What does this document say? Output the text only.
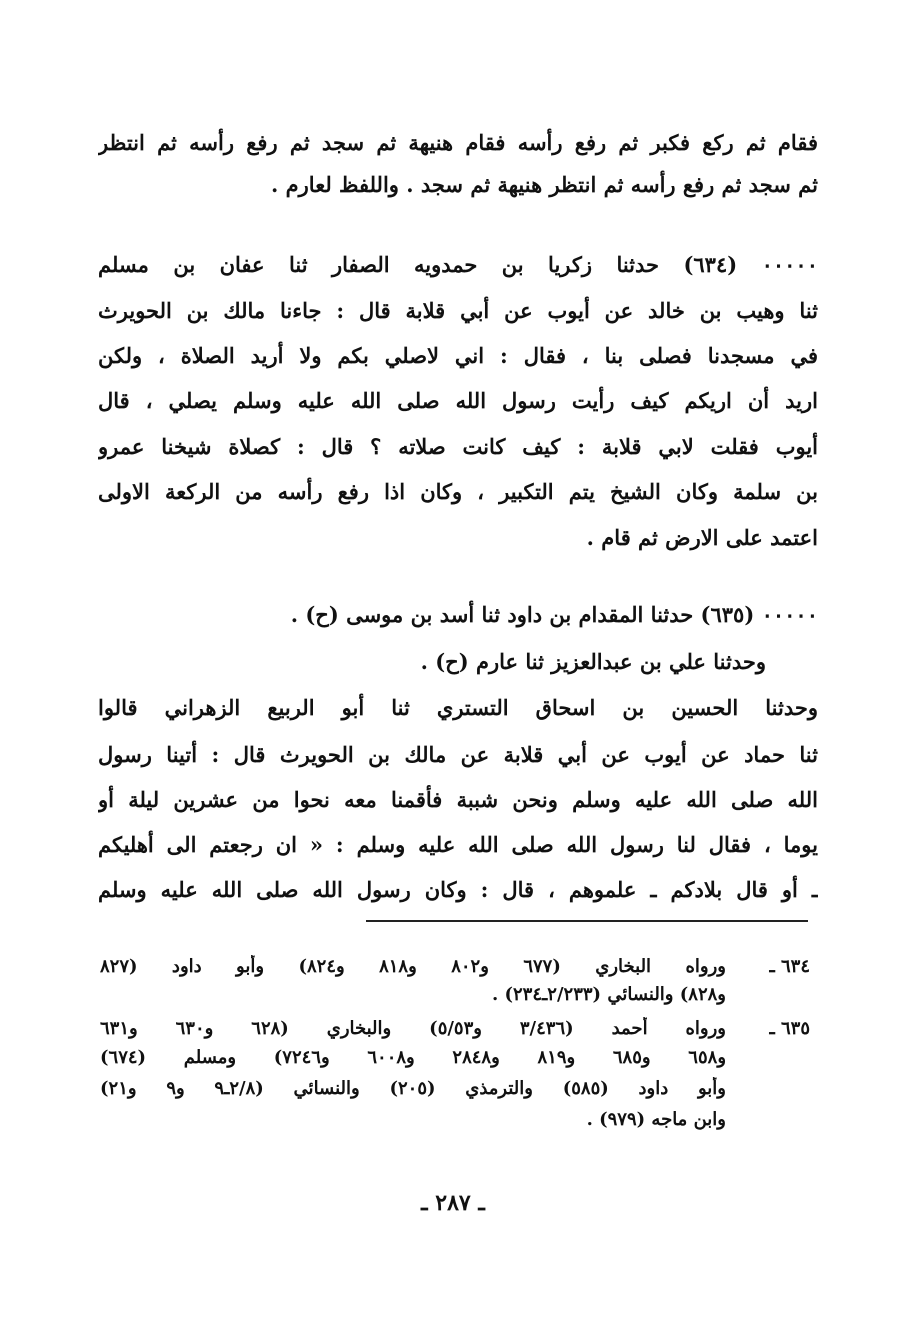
فقام ثم ركع فكبر ثم رفع رأسه فقام هنيهة ثم سجد ثم رفع رأسه ثم انتظر
ثم سجد ثم رفع رأسه ثم انتظر هنيهة ثم سجد . واللفظ لعارم .
٠٠٠٠٠ (٦٣٤) حدثنا زكريا بن حمدويه الصفار ثنا عفان بن مسلم
ثنا وهيب بن خالد عن أيوب عن أبي قلابة قال : جاءنا مالك بن الحويرث
في مسجدنا فصلى بنا ، فقال : اني لاصلي بكم ولا أريد الصلاة ، ولكن
اريد أن اريكم كيف رأيت رسول الله صلى الله عليه وسلم يصلي ، قال
أيوب فقلت لابي قلابة : كيف كانت صلاته ؟ قال : كصلاة شيخنا عمرو
بن سلمة وكان الشيخ يتم التكبير ، وكان اذا رفع رأسه من الركعة الاولى
اعتمد على الارض ثم قام .
٠٠٠٠٠ (٦٣٥) حدثنا المقدام بن داود ثنا أسد بن موسى (ح) .
وحدثنا علي بن عبدالعزيز ثنا عارم (ح) .
وحدثنا الحسين بن اسحاق التستري ثنا أبو الربيع الزهراني قالوا
ثنا حماد عن أيوب عن أبي قلابة عن مالك بن الحويرث قال : أتينا رسول
الله صلى الله عليه وسلم ونحن شببة فأقمنا معه نحوا من عشرين ليلة أو
يوما ، فقال لنا رسول الله صلى الله عليه وسلم : « ان رجعتم الى أهليكم
ـ أو قال بلادكم ـ علموهم ، قال : وكان رسول الله صلى الله عليه وسلم
٦٣٤ ـ
ورواه البخاري (٦٧٧ و٨٠٢ و٨١٨ و٨٢٤) وأبو داود (٨٢٧
و٨٢٨) والنسائي (٢/٢٣٣ـ٢٣٤) .
٦٣٥ ـ
ورواه أحمد (٣/٤٣٦ و٥/٥٣) والبخاري (٦٢٨ و٦٣٠ و٦٣١
و٦٥٨ و٦٨٥ و٨١٩ و٢٨٤٨ و٦٠٠٨ و٧٢٤٦) ومسلم (٦٧٤)
وأبو داود (٥٨٥) والترمذي (٢٠٥) والنسائي (٢/٨ـ٩ و٩ و٢١)
وابن ماجه (٩٧٩) .
ـ ٢٨٧ ـ
